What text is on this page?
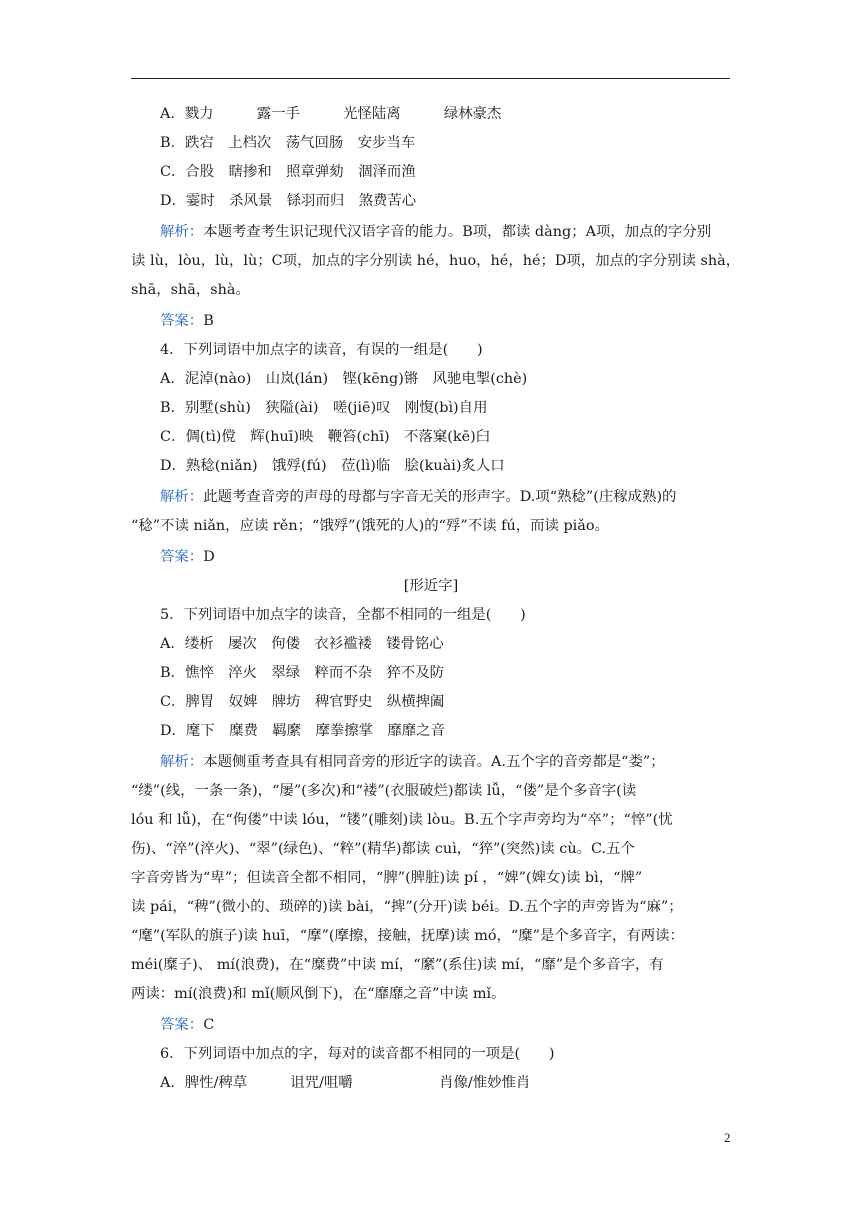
A．戮力　　　露一手　　　光怪陆离　　　绿林豪杰
B．跌宕　上档次　荡气回肠　安步当车
C．合股　瞎掺和　照章弹劾　涸泽而渔
D．霎时　杀风景　铩羽而归　煞费苦心
解析：本题考查考生识记现代汉语字音的能力。B项，都读 dàng；A项，加点的字分别
读 lù，lòu，lù，lù；C项，加点的字分别读 hé，huo，hé，hé；D项，加点的字分别读 shà，
shā，shā，shà。
答案：B
4．下列词语中加点字的读音，有误的一组是(　　)
A．泥淖(nào)　山岚(lán)　铿(kēng)锵　风驰电掣(chè)
B．别墅(shù)　狭隘(ài)　嗟(jiē)叹　刚愎(bì)自用
C．倜(tì)傥　辉(huī)映　鞭笞(chī)　不落窠(kē)臼
D．熟稔(niǎn)　饿殍(fú)　莅(lì)临　脍(kuài)炙人口
解析：此题考查音旁的声母的母都与字音无关的形声字。D.项“熟稔”(庄稼成熟)的
“稔”不读 niǎn，应读 rěn；“饿殍”(饿死的人)的“殍”不读 fú，而读 piǎo。
答案：D
[形近字]
5．下列词语中加点字的读音，全都不相同的一组是(　　)
A．缕析　屡次　佝偻　衣衫褴褛　镂骨铭心
B．憔悴　淬火　翠绿　粹而不杂　猝不及防
C．脾胃　奴婢　牌坊　稗官野史　纵横捭阖
D．麾下　糜费　羁縻　摩拳擦掌　靡靡之音
解析：本题侧重考查具有相同音旁的形近字的读音。A.五个字的音旁都是“娄”；
“缕”(线，一条一条)，“屡”(多次)和“褛”(衣服破烂)都读 lǚ，“偻”是个多音字(读
lóu 和 lǚ)，在“佝偻”中读 lóu，“镂”(雕刻)读 lòu。B.五个字声旁均为“卒”；“悴”(忧
伤)、“淬”(淬火)、“翠”(绿色)、“粹”(精华)都读 cuì，“猝”(突然)读 cù。C.五个
字音旁皆为“卑”；但读音全都不相同，“脾”(脾脏)读 pí ，“婢”(婢女)读 bì，“牌”
读 pái，“稗”(微小的、琐碎的)读 bài，“捭”(分开)读 béi。D.五个字的声旁皆为“麻”；
“麾”(军队的旗子)读 huī，“摩”(摩擦，接触，抚摩)读 mó，“糜”是个多音字，有两读：
méi(糜子)、 mí(浪费)，在“糜费”中读 mí，“縻”(系住)读 mí，“靡”是个多音字，有
两读：mí(浪费)和 mǐ(顺风倒下)，在“靡靡之音”中读 mǐ。
答案：C
6．下列词语中加点的字，每对的读音都不相同的一项是(　　)
A．脾性/稗草　　　诅咒/咀嚼　　　　　　肖像/惟妙惟肖
2
